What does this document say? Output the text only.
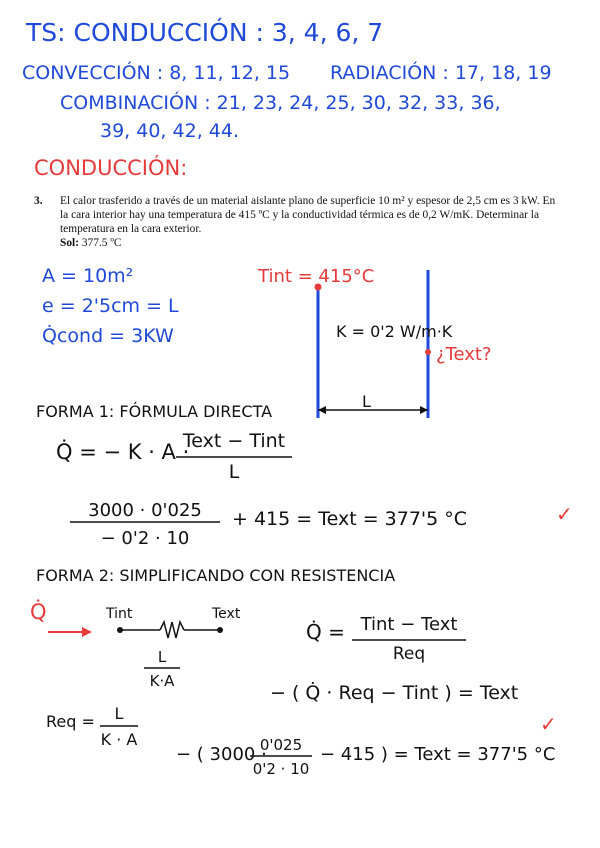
TS: CONDUCCIÓN : 3, 4, 6, 7
CONVECCIÓN : 8, 11, 12, 15 RADIACIÓN : 17, 18, 19
COMBINACIÓN : 21, 23, 24, 25, 30, 32, 33, 36,
39, 40, 42, 44.
CONDUCCIÓN:
3. El calor trasferido a través de un material aislante plano de superficie 10 m² y espesor de 2,5 cm es 3 kW. En la cara interior hay una temperatura de 415 ºC y la conductividad térmica es de 0,2 W/mK. Determinar la temperatura en la cara exterior.
Sol: 377.5 ºC
A = 10m²
e = 2'5cm = L
Q̇cond = 3KW
Tint = 415°C
K = 0'2 W/m·K
¿Text?
L
FORMA 1: FÓRMULA DIRECTA
Q̇ = − K · A ·
Text − Tint
L
3000 · 0'025
− 0'2 · 10
+ 415 = Text = 377'5 °C	✓
FORMA 2: SIMPLIFICANDO CON RESISTENCIA
Q̇	Tint	Text
L
K·A
Q̇ = Tint − Text
Req
− ( Q̇ · Req − Tint ) = Text
Req =	L
K · A
− ( 3000 ·
0'025
0'2 · 10
− 415 ) = Text = 377'5 °C
✓
